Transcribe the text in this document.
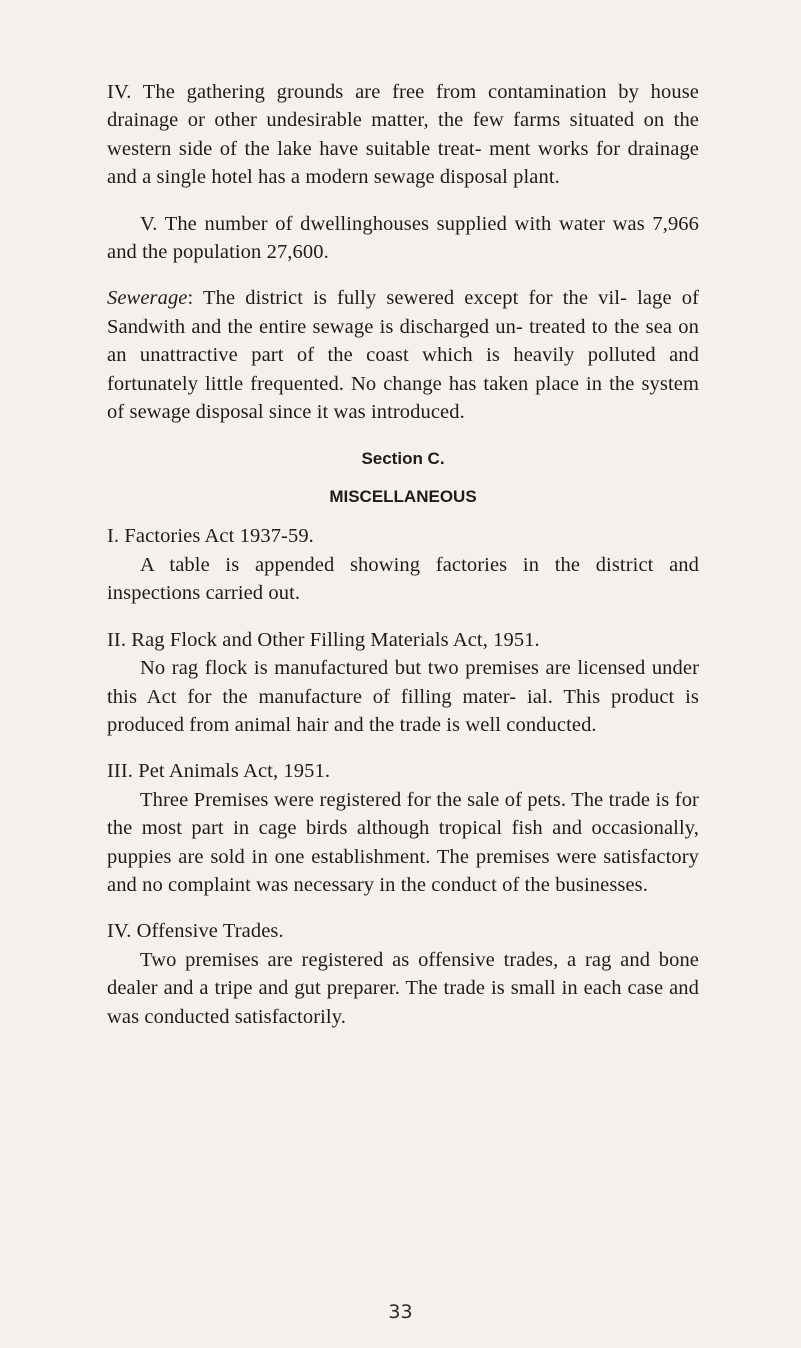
IV. The gathering grounds are free from contamination by house drainage or other undesirable matter, the few farms situated on the western side of the lake have suitable treat- ment works for drainage and a single hotel has a modern sewage disposal plant.

V. The number of dwellinghouses supplied with water was 7,966 and the population 27,600.

Sewerage: The district is fully sewered except for the vil- lage of Sandwith and the entire sewage is discharged un- treated to the sea on an unattractive part of the coast which is heavily polluted and fortunately little frequented. No change has taken place in the system of sewage disposal since it was introduced.

Section C.
MISCELLANEOUS

I. Factories Act 1937-59.

A table is appended showing factories in the district and inspections carried out.

II. Rag Flock and Other Filling Materials Act, 1951.

No rag flock is manufactured but two premises are licensed under this Act for the manufacture of filling mater- ial. This product is produced from animal hair and the trade is well conducted.

III. Pet Animals Act, 1951.

Three Premises were registered for the sale of pets. The trade is for the most part in cage birds although tropical fish and occasionally, puppies are sold in one establishment. The premises were satisfactory and no complaint was necessary in the conduct of the businesses.

IV. Offensive Trades.

Two premises are registered as offensive trades, a rag and bone dealer and a tripe and gut preparer. The trade is small in each case and was conducted satisfactorily.

33
